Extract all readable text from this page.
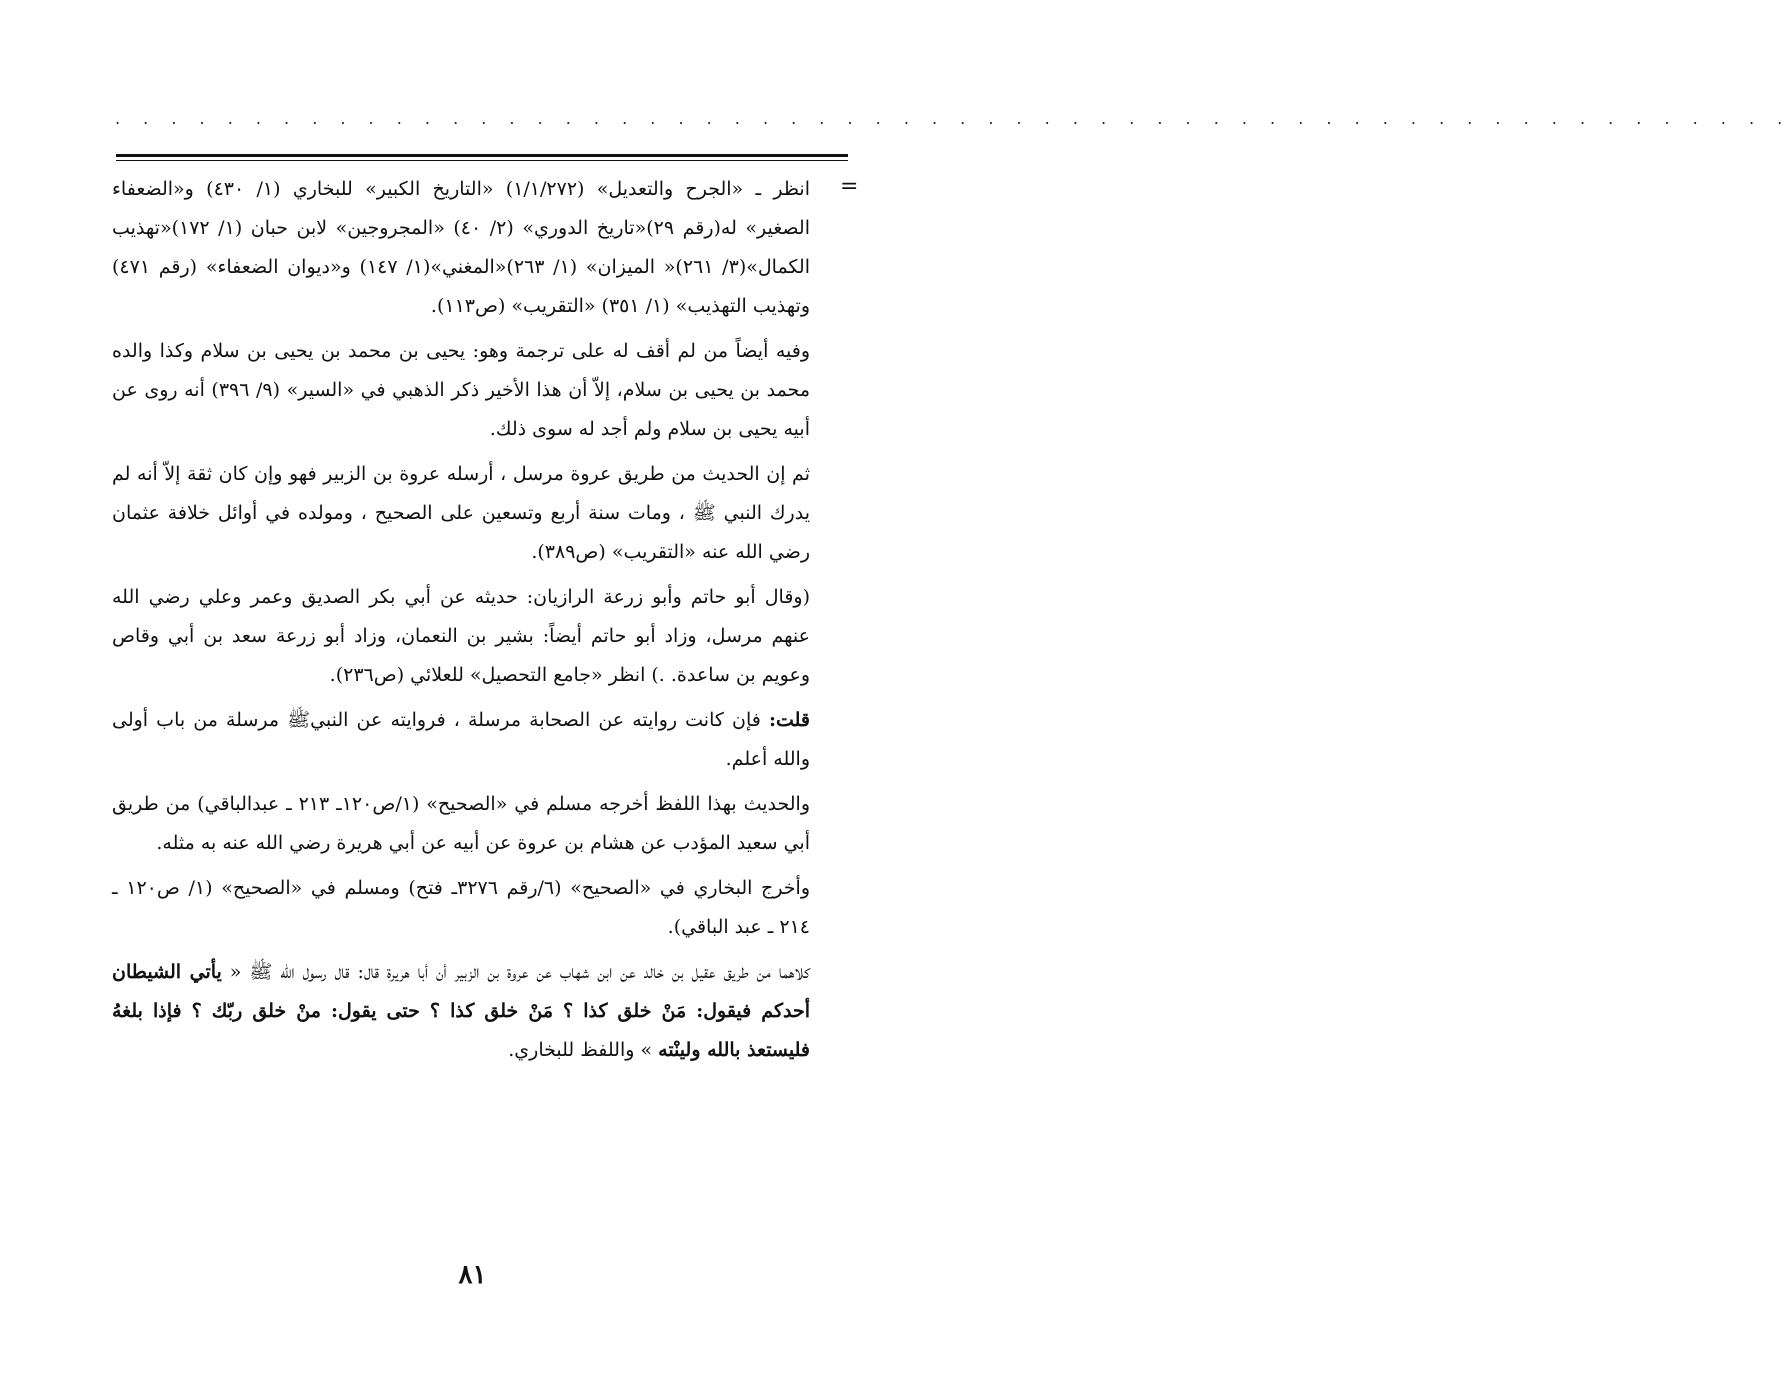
. . . . . . . . . . . . . . . . . . . . . . . . . . . . . . . . . . . . . . . . . . . . . . . . . . . . . . . . . . . .
=

انظر ـ «الجرح والتعديل» (١/١/٢٧٢) «التاريخ الكبير» للبخاري (١/ ٤٣٠) و«الضعفاء الصغير» له(رقم ٢٩)«تاريخ الدوري» (٢/ ٤٠) «المجروجين» لابن حبان (١/ ١٧٢)«تهذيب الكمال»(٣/ ٢٦١)« الميزان» (١/ ٢٦٣)«المغني»(١/ ١٤٧) و«ديوان الضعفاء» (رقم ٤٧١) وتهذيب التهذيب» (١/ ٣٥١) «التقريب» (ص١١٣).

وفيه أيضاً من لم أقف له على ترجمة وهو: يحيى بن محمد بن يحيى بن سلام وكذا والده محمد بن يحيى بن سلام، إلاّ أن هذا الأخير ذكر الذهبي في «السير» (٩/ ٣٩٦) أنه روى عن أبيه يحيى بن سلام ولم أجد له سوى ذلك.

ثم إن الحديث من طريق عروة مرسل ، أرسله عروة بن الزبير فهو وإن كان ثقة إلاّ أنه لم يدرك النبي ﷺ ، ومات سنة أربع وتسعين على الصحيح ، ومولده في أوائل خلافة عثمان رضي الله عنه «التقريب» (ص٣٨٩).

(وقال أبو حاتم وأبو زرعة الرازيان: حديثه عن أبي بكر الصديق وعمر وعلي رضي الله عنهم مرسل، وزاد أبو حاتم أيضاً: بشير بن النعمان، وزاد أبو زرعة سعد بن أبي وقاص وعويم بن ساعدة. .) انظر «جامع التحصيل» للعلائي (ص٢٣٦).

قلت: فإن كانت روايته عن الصحابة مرسلة ، فروايته عن النبيﷺ مرسلة من باب أولى والله أعلم.

والحديث بهذا اللفظ أخرجه مسلم في «الصحيح» (١/ص١٢٠ـ ٢١٣ ـ عبدالباقي) من طريق أبي سعيد المؤدب عن هشام بن عروة عن أبيه عن أبي هريرة رضي الله عنه به مثله.

وأخرج البخاري في «الصحيح» (٦/رقم ٣٢٧٦ـ فتح) ومسلم في «الصحيح» (١/ ص١٢٠ ـ ٢١٤ ـ عبد الباقي).

كلاهما من طريق عقيل بن خالد عن ابن شهاب عن عروة بن الزبير أن أبا هريرة قال: قال رسول الله ﷺ « يأتي الشيطان أحدكم فيقول: مَنْ خلق كذا ؟ مَنْ خلق كذا ؟ حتى يقول: منْ خلق ربّك ؟ فإذا بلغهُ فليستعذ بالله ولينْته » واللفظ للبخاري.

٨١
